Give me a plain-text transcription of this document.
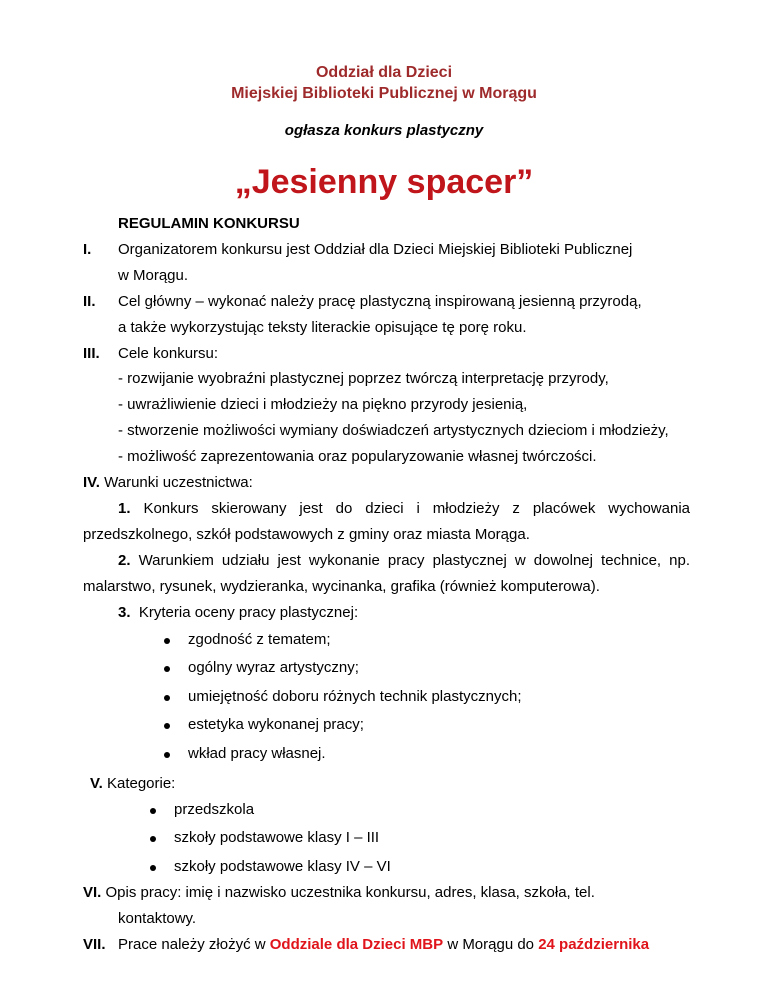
Oddział dla Dzieci
Miejskiej Biblioteki Publicznej w Morągu
ogłasza konkurs plastyczny
„Jesienny spacer”
REGULAMIN KONKURSU
I. Organizatorem konkursu jest Oddział dla Dzieci Miejskiej Biblioteki Publicznej
w Morągu.
II. Cel główny – wykonać należy pracę plastyczną inspirowaną jesienną przyrodą,
a także wykorzystując teksty literackie opisujące tę porę roku.
III. Cele konkursu:
- rozwijanie wyobraźni plastycznej poprzez twórczą interpretację przyrody,
- uwrażliwienie dzieci i młodzieży na piękno przyrody jesienią,
- stworzenie możliwości wymiany doświadczeń artystycznych dzieciom i młodzieży,
- możliwość zaprezentowania oraz popularyzowanie własnej twórczości.
IV. Warunki uczestnictwa:
1. Konkurs skierowany jest do dzieci i młodzieży z placówek wychowania
przedszkolnego, szkół podstawowych z gminy oraz miasta Morąga.
2. Warunkiem udziału jest wykonanie pracy plastycznej w dowolnej technice, np.
malarstwo, rysunek, wydzieranka, wycinanka, grafika (również komputerowa).
3. Kryteria oceny pracy plastycznej:
zgodność z tematem;
ogólny wyraz artystyczny;
umiejętność doboru różnych technik plastycznych;
estetyka wykonanej pracy;
wkład pracy własnej.
V. Kategorie:
przedszkola
szkoły podstawowe klasy I – III
szkoły podstawowe klasy IV – VI
VI. Opis pracy: imię i nazwisko uczestnika konkursu, adres, klasa, szkoła, tel.
kontaktowy.
VII. Prace należy złożyć w Oddziale dla Dzieci MBP w Morągu do 24 października
